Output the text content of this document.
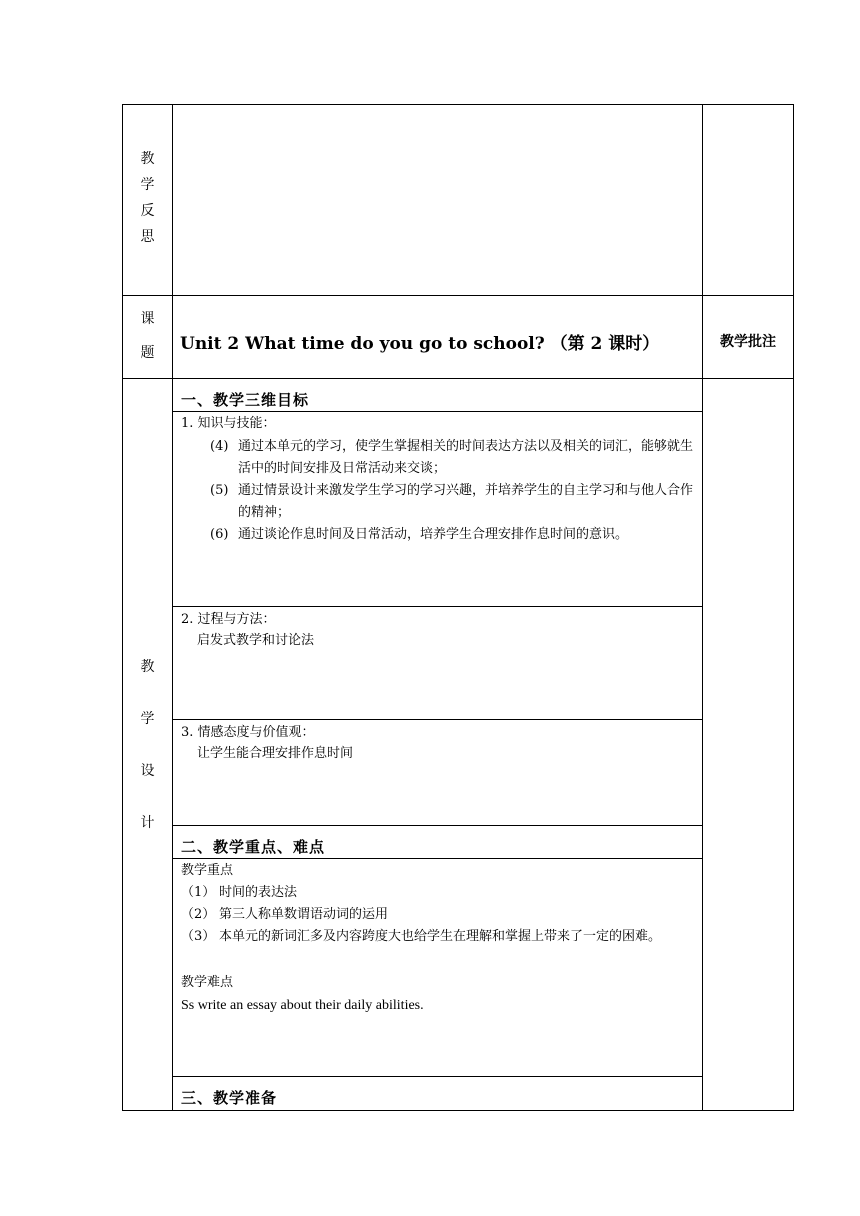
教
学
反
思
课
题	Unit 2 What time do you go to school? （第 2 课时）	教学批注
教
学
设
计
一、教学三维目标
1. 知识与技能：
(4) 通过本单元的学习，使学生掌握相关的时间表达方法以及相关的词汇，能够就生活中的时间安排及日常活动来交谈；
(5) 通过情景设计来激发学生学习的学习兴趣，并培养学生的自主学习和与他人合作的精神；
(6) 通过谈论作息时间及日常活动，培养学生合理安排作息时间的意识。
2. 过程与方法：
启发式教学和讨论法
3. 情感态度与价值观：
让学生能合理安排作息时间
二、教学重点、难点
教学重点
（1） 时间的表达法
（2） 第三人称单数谓语动词的运用
（3） 本单元的新词汇多及内容跨度大也给学生在理解和掌握上带来了一定的困难。
教学难点
Ss write an essay about their daily abilities.
三、教学准备
